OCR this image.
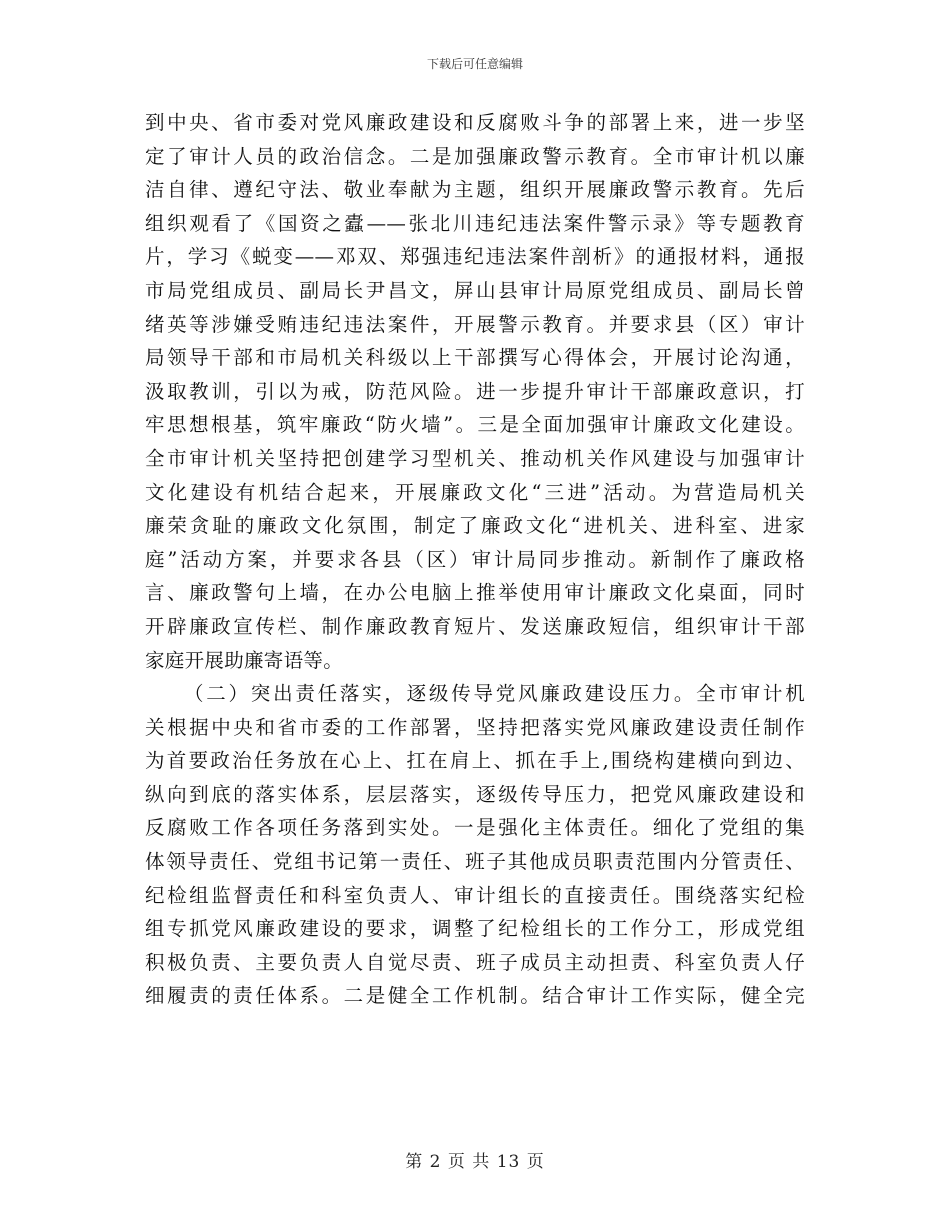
下载后可任意编辑
到中央、省市委对党风廉政建设和反腐败斗争的部署上来，进一步坚
定了审计人员的政治信念。二是加强廉政警示教育。全市审计机以廉
洁自律、遵纪守法、敬业奉献为主题，组织开展廉政警示教育。先后
组织观看了《国资之蠹——张北川违纪违法案件警示录》等专题教育
片，学习《蜕变——邓双、郑强违纪违法案件剖析》的通报材料，通报
市局党组成员、副局长尹昌文，屏山县审计局原党组成员、副局长曾
绪英等涉嫌受贿违纪违法案件，开展警示教育。并要求县（区）审计
局领导干部和市局机关科级以上干部撰写心得体会，开展讨论沟通，
汲取教训，引以为戒，防范风险。进一步提升审计干部廉政意识，打
牢思想根基，筑牢廉政“防火墙”。三是全面加强审计廉政文化建设。
全市审计机关坚持把创建学习型机关、推动机关作风建设与加强审计
文化建设有机结合起来，开展廉政文化“三进”活动。为营造局机关
廉荣贪耻的廉政文化氛围，制定了廉政文化“进机关、进科室、进家
庭”活动方案，并要求各县（区）审计局同步推动。新制作了廉政格
言、廉政警句上墙，在办公电脑上推举使用审计廉政文化桌面，同时
开辟廉政宣传栏、制作廉政教育短片、发送廉政短信，组织审计干部
家庭开展助廉寄语等。
（二）突出责任落实，逐级传导党风廉政建设压力。全市审计机
关根据中央和省市委的工作部署，坚持把落实党风廉政建设责任制作
为首要政治任务放在心上、扛在肩上、抓在手上,围绕构建横向到边、
纵向到底的落实体系，层层落实，逐级传导压力，把党风廉政建设和
反腐败工作各项任务落到实处。一是强化主体责任。细化了党组的集
体领导责任、党组书记第一责任、班子其他成员职责范围内分管责任、
纪检组监督责任和科室负责人、审计组长的直接责任。围绕落实纪检
组专抓党风廉政建设的要求，调整了纪检组长的工作分工，形成党组
积极负责、主要负责人自觉尽责、班子成员主动担责、科室负责人仔
细履责的责任体系。二是健全工作机制。结合审计工作实际，健全完
第 2 页 共 13 页
